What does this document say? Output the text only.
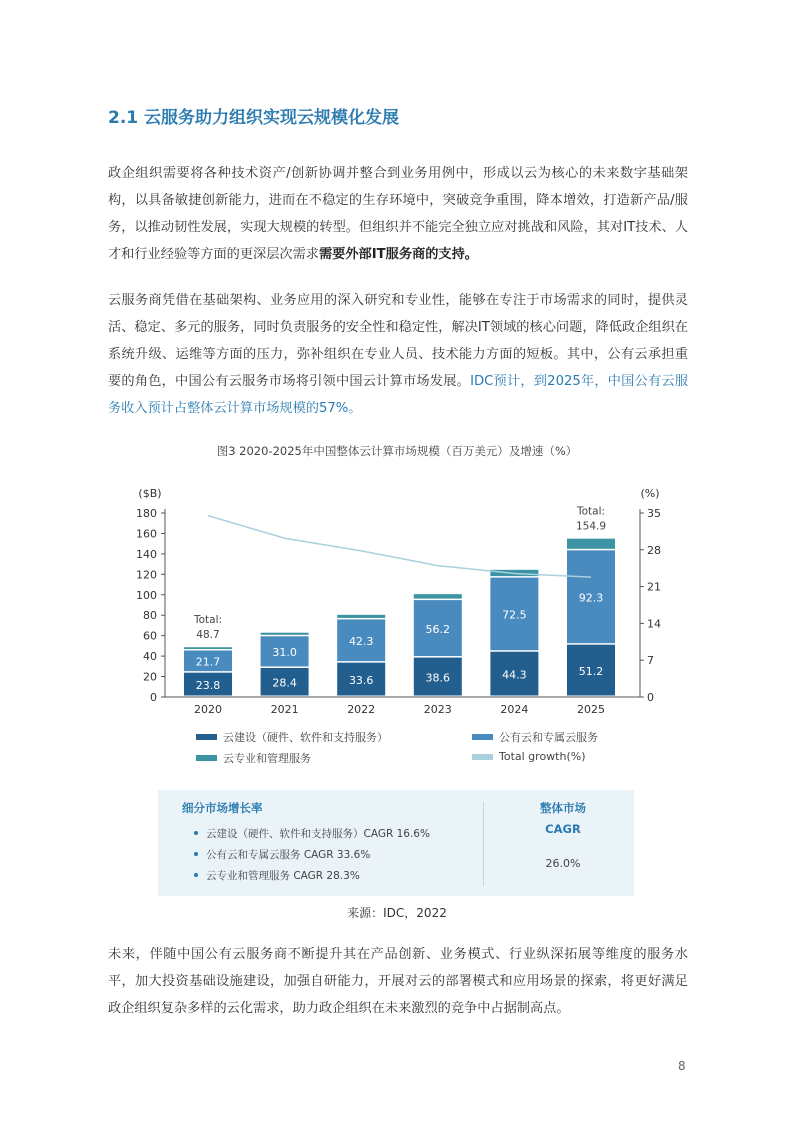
2.1 云服务助力组织实现云规模化发展

政企组织需要将各种技术资产/创新协调并整合到业务用例中，形成以云为核心的未来数字基础架构，以具备敏捷创新能力，进而在不稳定的生存环境中，突破竞争重围，降本增效，打造新产品/服务，以推动韧性发展，实现大规模的转型。但组织并不能完全独立应对挑战和风险，其对IT技术、人才和行业经验等方面的更深层次需求需要外部IT服务商的支持。

云服务商凭借在基础架构、业务应用的深入研究和专业性，能够在专注于市场需求的同时，提供灵活、稳定、多元的服务，同时负责服务的安全性和稳定性，解决IT领域的核心问题，降低政企组织在系统升级、运维等方面的压力，弥补组织在专业人员、技术能力方面的短板。其中，公有云承担重要的角色，中国公有云服务市场将引领中国云计算市场发展。IDC预计，到2025年，中国公有云服务收入预计占整体云计算市场规模的57%。

图3 2020-2025年中国整体云计算市场规模（百万美元）及增速（%）
0
20
40
60
80
100
120
140
160
180
0
7
14
21
28
35
($B)	(%)
2020	2021	2022	2023	2024	2025
23.8
21.7
28.4
31.0
33.6
42.3
38.6
56.2
44.3
72.5
51.2
92.3
Total:
48.7
Total:
154.9
云建设（硬件、软件和支持服务）	公有云和专属云服务
云专业和管理服务	Total growth(%)
细分市场增长率
云建设（硬件、软件和支持服务）CAGR 16.6%
公有云和专属云服务 CAGR 33.6%
云专业和管理服务 CAGR 28.3%
整体市场
CAGR
26.0%
来源：IDC，2022

未来，伴随中国公有云服务商不断提升其在产品创新、业务模式、行业纵深拓展等维度的服务水平，加大投资基础设施建设，加强自研能力，开展对云的部署模式和应用场景的探索，将更好满足政企组织复杂多样的云化需求，助力政企组织在未来激烈的竞争中占据制高点。

8
